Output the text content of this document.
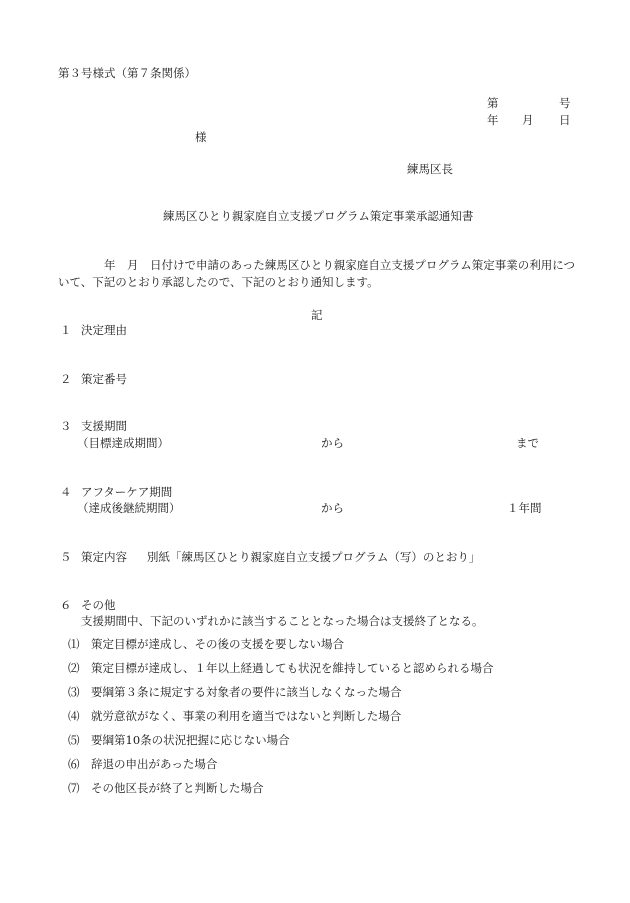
第３号様式（第７条関係）
第	号
年 月 日
様
練馬区長
練馬区ひとり親家庭自立支援プログラム策定事業承認通知書
年 月 日付けで申請のあった練馬区ひとり親家庭自立支援プログラム策定事業の利用につ
いて、下記のとおり承認したので、下記のとおり通知します。
記
１ 決定理由
２ 策定番号
３ 支援期間
（目標達成期間）	から	まで
４ アフターケア期間
（達成後継続期間）	から	１年間
５ 策定内容 別紙「練馬区ひとり親家庭自立支援プログラム（写）のとおり」
６ その他
支援期間中、下記のいずれかに該当することとなった場合は支援終了となる。
⑴ 策定目標が達成し、その後の支援を要しない場合
⑵ 策定目標が達成し、１年以上経過しても状況を維持していると認められる場合
⑶ 要綱第３条に規定する対象者の要件に該当しなくなった場合
⑷ 就労意欲がなく、事業の利用を適当ではないと判断した場合
⑸ 要綱第10条の状況把握に応じない場合
⑹ 辞退の申出があった場合
⑺ その他区長が終了と判断した場合
